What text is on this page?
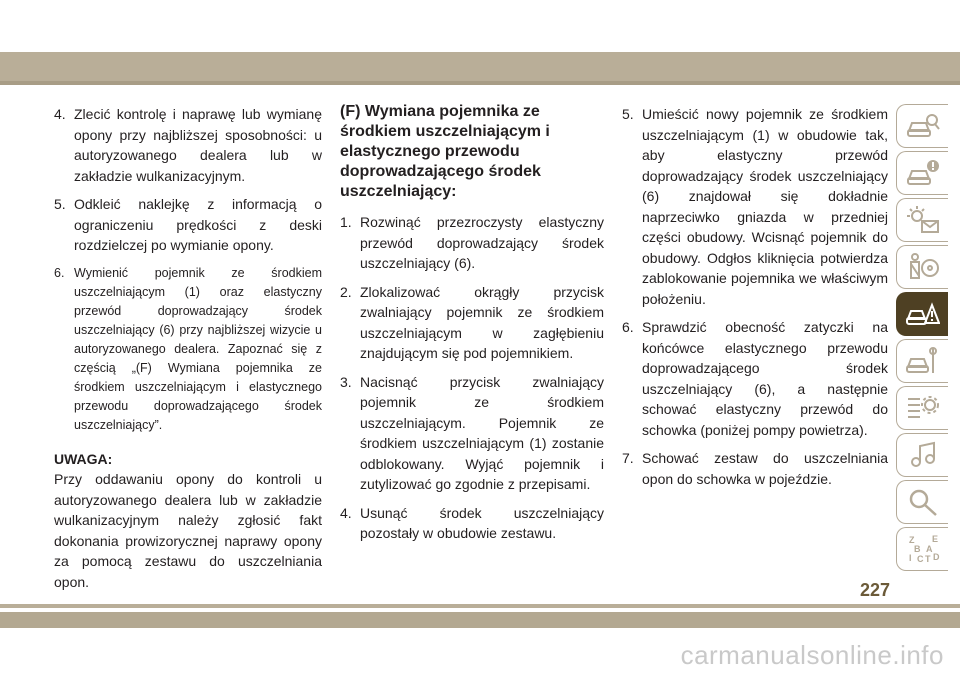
4. Zlecić kontrolę i naprawę lub wymianę opony przy najbliższej sposobności: u autoryzowanego dealera lub w zakładzie wulkanizacyjnym.
5. Odkleić naklejkę z informacją o ograniczeniu prędkości z deski rozdzielczej po wymianie opony.
6. Wymienić pojemnik ze środkiem uszczelniającym (1) oraz elastyczny przewód doprowadzający środek uszczelniający (6) przy najbliższej wizycie u autoryzowanego dealera. Zapoznać się z częścią „(F) Wymiana pojemnika ze środkiem uszczelniającym i elastycznego przewodu doprowadzającego środek uszczelniający”.
UWAGA:

Przy oddawaniu opony do kontroli u autoryzowanego dealera lub w zakładzie wulkanizacyjnym należy zgłosić fakt dokonania prowizorycznej naprawy opony za pomocą zestawu do uszczelniania opon.

(F) Wymiana pojemnika ze środkiem uszczelniającym i elastycznego przewodu doprowadzającego środek uszczelniający:
1. Rozwinąć przezroczysty elastyczny przewód doprowadzający środek uszczelniający (6).
2. Zlokalizować okrągły przycisk zwalniający pojemnik ze środkiem uszczelniającym w zagłębieniu znajdującym się pod pojemnikiem.
3. Nacisnąć przycisk zwalniający pojemnik ze środkiem uszczelniającym. Pojemnik ze środkiem uszczelniającym (1) zostanie odblokowany. Wyjąć pojemnik i zutylizować go zgodnie z przepisami.
4. Usunąć środek uszczelniający pozostały w obudowie zestawu.
5. Umieścić nowy pojemnik ze środkiem uszczelniającym (1) w obudowie tak, aby elastyczny przewód doprowadzający środek uszczelniający (6) znajdował się dokładnie naprzeciwko gniazda w przedniej części obudowy. Wcisnąć pojemnik do obudowy. Odgłos kliknięcia potwierdza zablokowanie pojemnika we właściwym położeniu.
6. Sprawdzić obecność zatyczki na końcówce elastycznego przewodu doprowadzającego środek uszczelniający (6), a następnie schować elastyczny przewód do schowka (poniżej pompy powietrza).
7. Schować zestaw do uszczelniania opon do schowka w pojeździe.
Z E
B A
I C T D
227
carmanualsonline.info
